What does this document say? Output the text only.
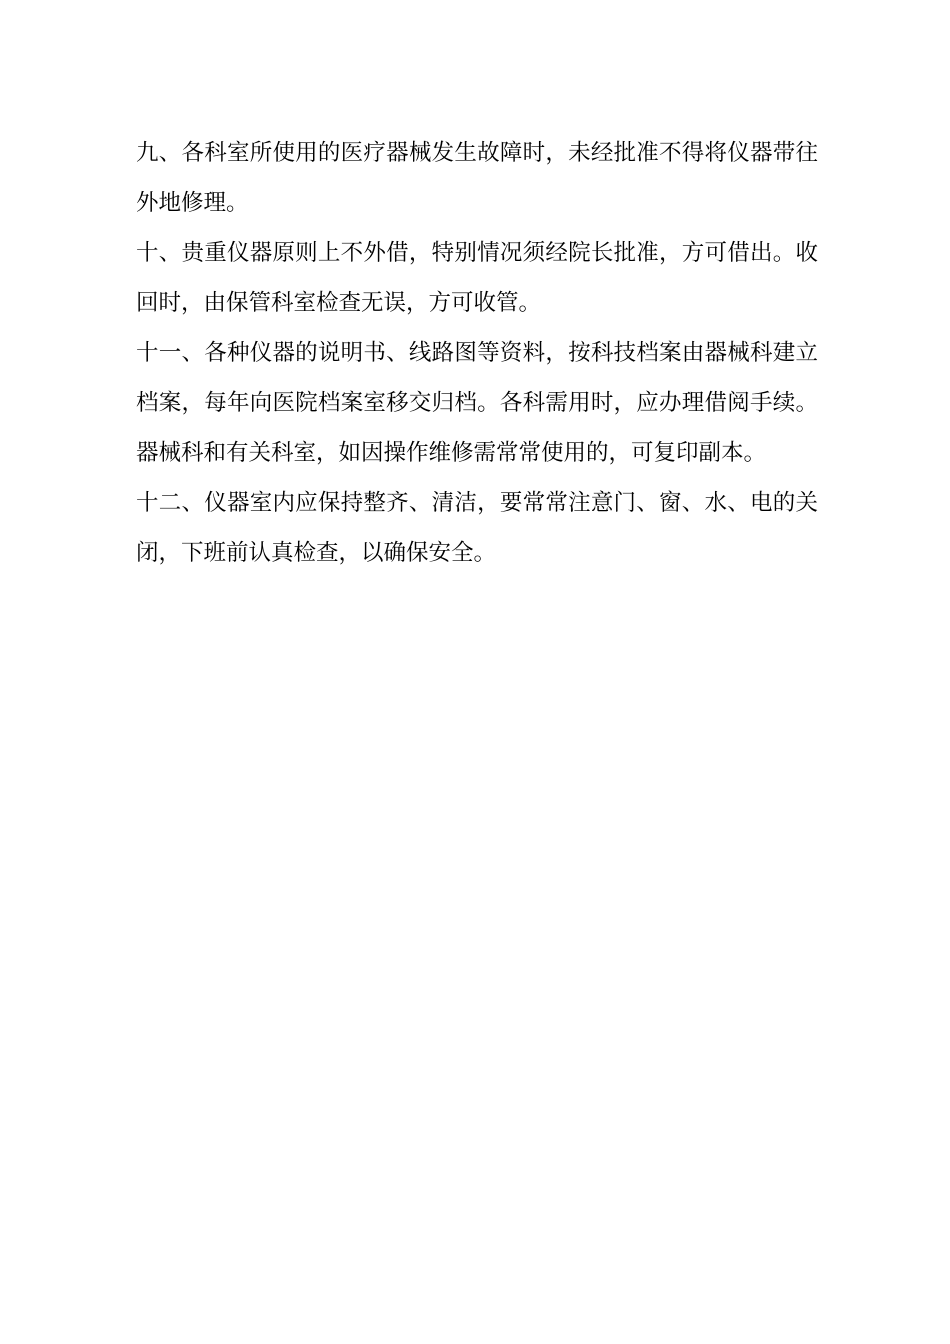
九、各科室所使用的医疗器械发生故障时，未经批准不得将仪器带往外地修理。

十、贵重仪器原则上不外借，特别情况须经院长批准，方可借出。收回时，由保管科室检查无误，方可收管。

十一、各种仪器的说明书、线路图等资料，按科技档案由器械科建立档案，每年向医院档案室移交归档。各科需用时，应办理借阅手续。器械科和有关科室，如因操作维修需常常使用的，可复印副本。

十二、仪器室内应保持整齐、清洁，要常常注意门、窗、水、电的关闭，下班前认真检查，以确保安全。
